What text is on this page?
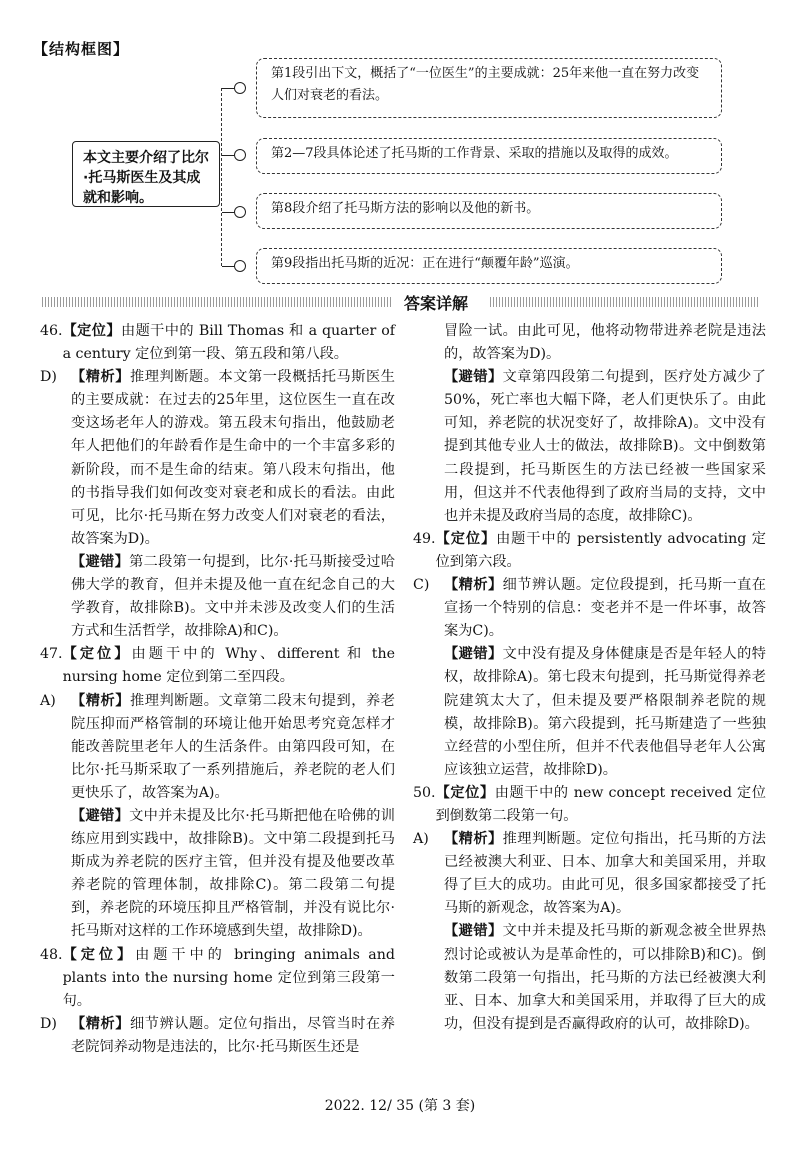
【结构框图】
本文主要介绍了比尔·托马斯医生及其成就和影响。
第1段引出下文，概括了“一位医生”的主要成就：25年来他一直在努力改变人们对衰老的看法。
第2—7段具体论述了托马斯的工作背景、采取的措施以及取得的成效。
第8段介绍了托马斯方法的影响以及他的新书。
第9段指出托马斯的近况：正在进行“颠覆年龄”巡演。
答案详解
46. 【定位】由题干中的 Bill Thomas 和 a quarter of a century 定位到第一段、第五段和第八段。
D) 【精析】推理判断题。本文第一段概括托马斯医生的主要成就：在过去的25年里，这位医生一直在改变这场老年人的游戏。第五段末句指出，他鼓励老年人把他们的年龄看作是生命中的一个丰富多彩的新阶段，而不是生命的结束。第八段末句指出，他的书指导我们如何改变对衰老和成长的看法。由此可见，比尔·托马斯在努力改变人们对衰老的看法，故答案为D)。

【避错】第二段第一句提到，比尔·托马斯接受过哈佛大学的教育，但并未提及他一直在纪念自己的大学教育，故排除B)。文中并未涉及改变人们的生活方式和生活哲学，故排除A)和C)。

47. 【定位】由题干中的 Why、different 和 the nursing home 定位到第二至四段。
A)	【精析】推理判断题。文章第二段末句提到，养老院压抑而严格管制的环境让他开始思考究竟怎样才能改善院里老年人的生活条件。由第四段可知，在比尔·托马斯采取了一系列措施后，养老院的老人们更快乐了，故答案为A)。

【避错】文中并未提及比尔·托马斯把他在哈佛的训练应用到实践中，故排除B)。文中第二段提到托马斯成为养老院的医疗主管，但并没有提及他要改革养老院的管理体制，故排除C)。第二段第二句提到，养老院的环境压抑且严格管制，并没有说比尔·托马斯对这样的工作环境感到失望，故排除D)。

48. 【定位】由题干中的 bringing animals and plants into the nursing home 定位到第三段第一句。
D) 【精析】细节辨认题。定位句指出，尽管当时在养老院饲养动物是违法的，比尔·托马斯医生还是

冒险一试。由此可见，他将动物带进养老院是违法的，故答案为D)。

【避错】文章第四段第二句提到，医疗处方减少了50%，死亡率也大幅下降，老人们更快乐了。由此可知，养老院的状况变好了，故排除A)。文中没有提到其他专业人士的做法，故排除B)。文中倒数第二段提到，托马斯医生的方法已经被一些国家采用，但这并不代表他得到了政府当局的支持，文中也并未提及政府当局的态度，故排除C)。

49. 【定位】由题干中的 persistently advocating 定位到第六段。
C)	【精析】细节辨认题。定位段提到，托马斯一直在宣扬一个特别的信息：变老并不是一件坏事，故答案为C)。

【避错】文中没有提及身体健康是否是年轻人的特权，故排除A)。第七段末句提到，托马斯觉得养老院建筑太大了，但未提及要严格限制养老院的规模，故排除B)。第六段提到，托马斯建造了一些独立经营的小型住所，但并不代表他倡导老年人公寓应该独立运营，故排除D)。

50. 【定位】由题干中的 new concept received 定位到倒数第二段第一句。
A)	【精析】推理判断题。定位句指出，托马斯的方法已经被澳大利亚、日本、加拿大和美国采用，并取得了巨大的成功。由此可见，很多国家都接受了托马斯的新观念，故答案为A)。

【避错】文中并未提及托马斯的新观念被全世界热烈讨论或被认为是革命性的，可以排除B)和C)。倒数第二段第一句指出，托马斯的方法已经被澳大利亚、日本、加拿大和美国采用，并取得了巨大的成功，但没有提到是否赢得政府的认可，故排除D)。

2022. 12/ 35 (第 3 套)
